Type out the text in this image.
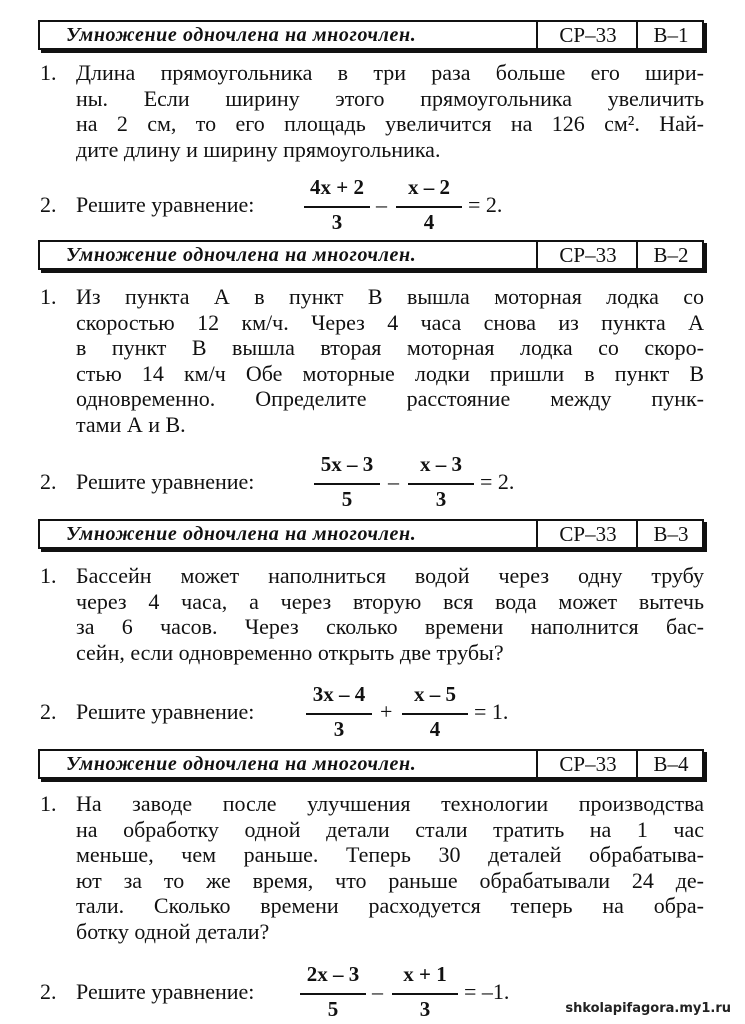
Умножение одночлена на многочлен.	СР–33	В–1
1. Длина прямоугольника в три раза больше его шири-
ны. Если ширину этого прямоугольника увеличить
на 2 см, то его площадь увеличится на 126 см². Най-
дите длину и ширину прямоугольника.
2. Решите уравнение:
4x + 2
3
–
x – 2
4
= 2.
Умножение одночлена на многочлен.	СР–33	В–2
1. Из пункта А в пункт В вышла моторная лодка со
скоростью 12 км/ч. Через 4 часа снова из пункта А
в пункт В вышла вторая моторная лодка со скоро-
стью 14 км/ч Обе моторные лодки пришли в пункт В
одновременно. Определите расстояние между пунк-
тами А и В.
2. Решите уравнение:
5x – 3
5
–
x – 3
3
= 2.
Умножение одночлена на многочлен.	СР–33	В–3
1. Бассейн может наполниться водой через одну трубу
через 4 часа, а через вторую вся вода может вытечь
за 6 часов. Через сколько времени наполнится бас-
сейн, если одновременно открыть две трубы?
2. Решите уравнение:
3x – 4
3
+
x – 5
4
= 1.
Умножение одночлена на многочлен.	СР–33	В–4
1. На заводе после улучшения технологии производства
на обработку одной детали стали тратить на 1 час
меньше, чем раньше. Теперь 30 деталей обрабатыва-
ют за то же время, что раньше обрабатывали 24 де-
тали. Сколько времени расходуется теперь на обра-
ботку одной детали?
2. Решите уравнение:
2x – 3
5
–
x + 1
3
= –1.
shkolapifagora.my1.ru
